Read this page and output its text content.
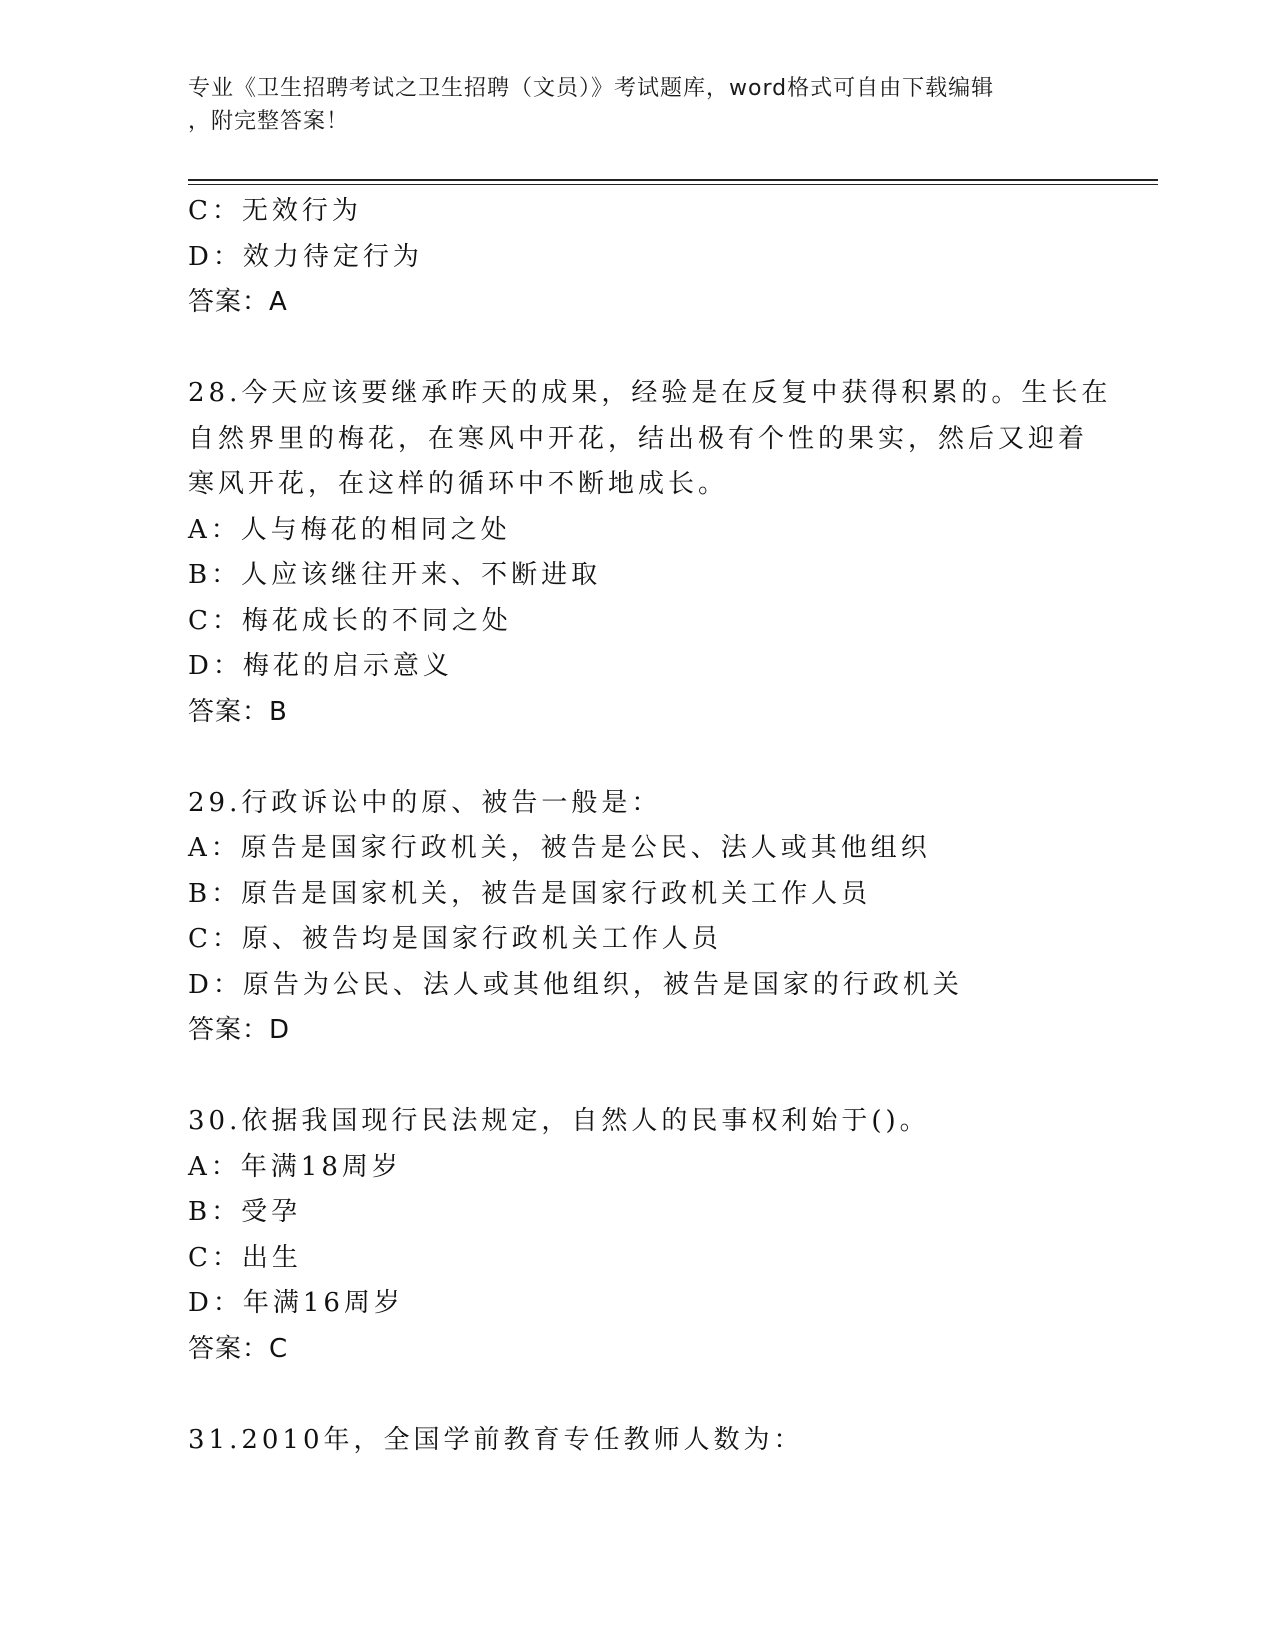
专业《卫生招聘考试之卫生招聘（文员）》考试题库，word格式可自由下载编辑
，附完整答案！
C：无效行为
D：效力待定行为
答案：A
28.今天应该要继承昨天的成果，经验是在反复中获得积累的。生长在
自然界里的梅花，在寒风中开花，结出极有个性的果实，然后又迎着
寒风开花，在这样的循环中不断地成长。
A：人与梅花的相同之处
B：人应该继往开来、不断进取
C：梅花成长的不同之处
D：梅花的启示意义
答案：B
29.行政诉讼中的原、被告一般是：
A：原告是国家行政机关，被告是公民、法人或其他组织
B：原告是国家机关，被告是国家行政机关工作人员
C：原、被告均是国家行政机关工作人员
D：原告为公民、法人或其他组织，被告是国家的行政机关
答案：D
30.依据我国现行民法规定，自然人的民事权利始于()。
A：年满18周岁
B：受孕
C：出生
D：年满16周岁
答案：C
31.2010年，全国学前教育专任教师人数为：
